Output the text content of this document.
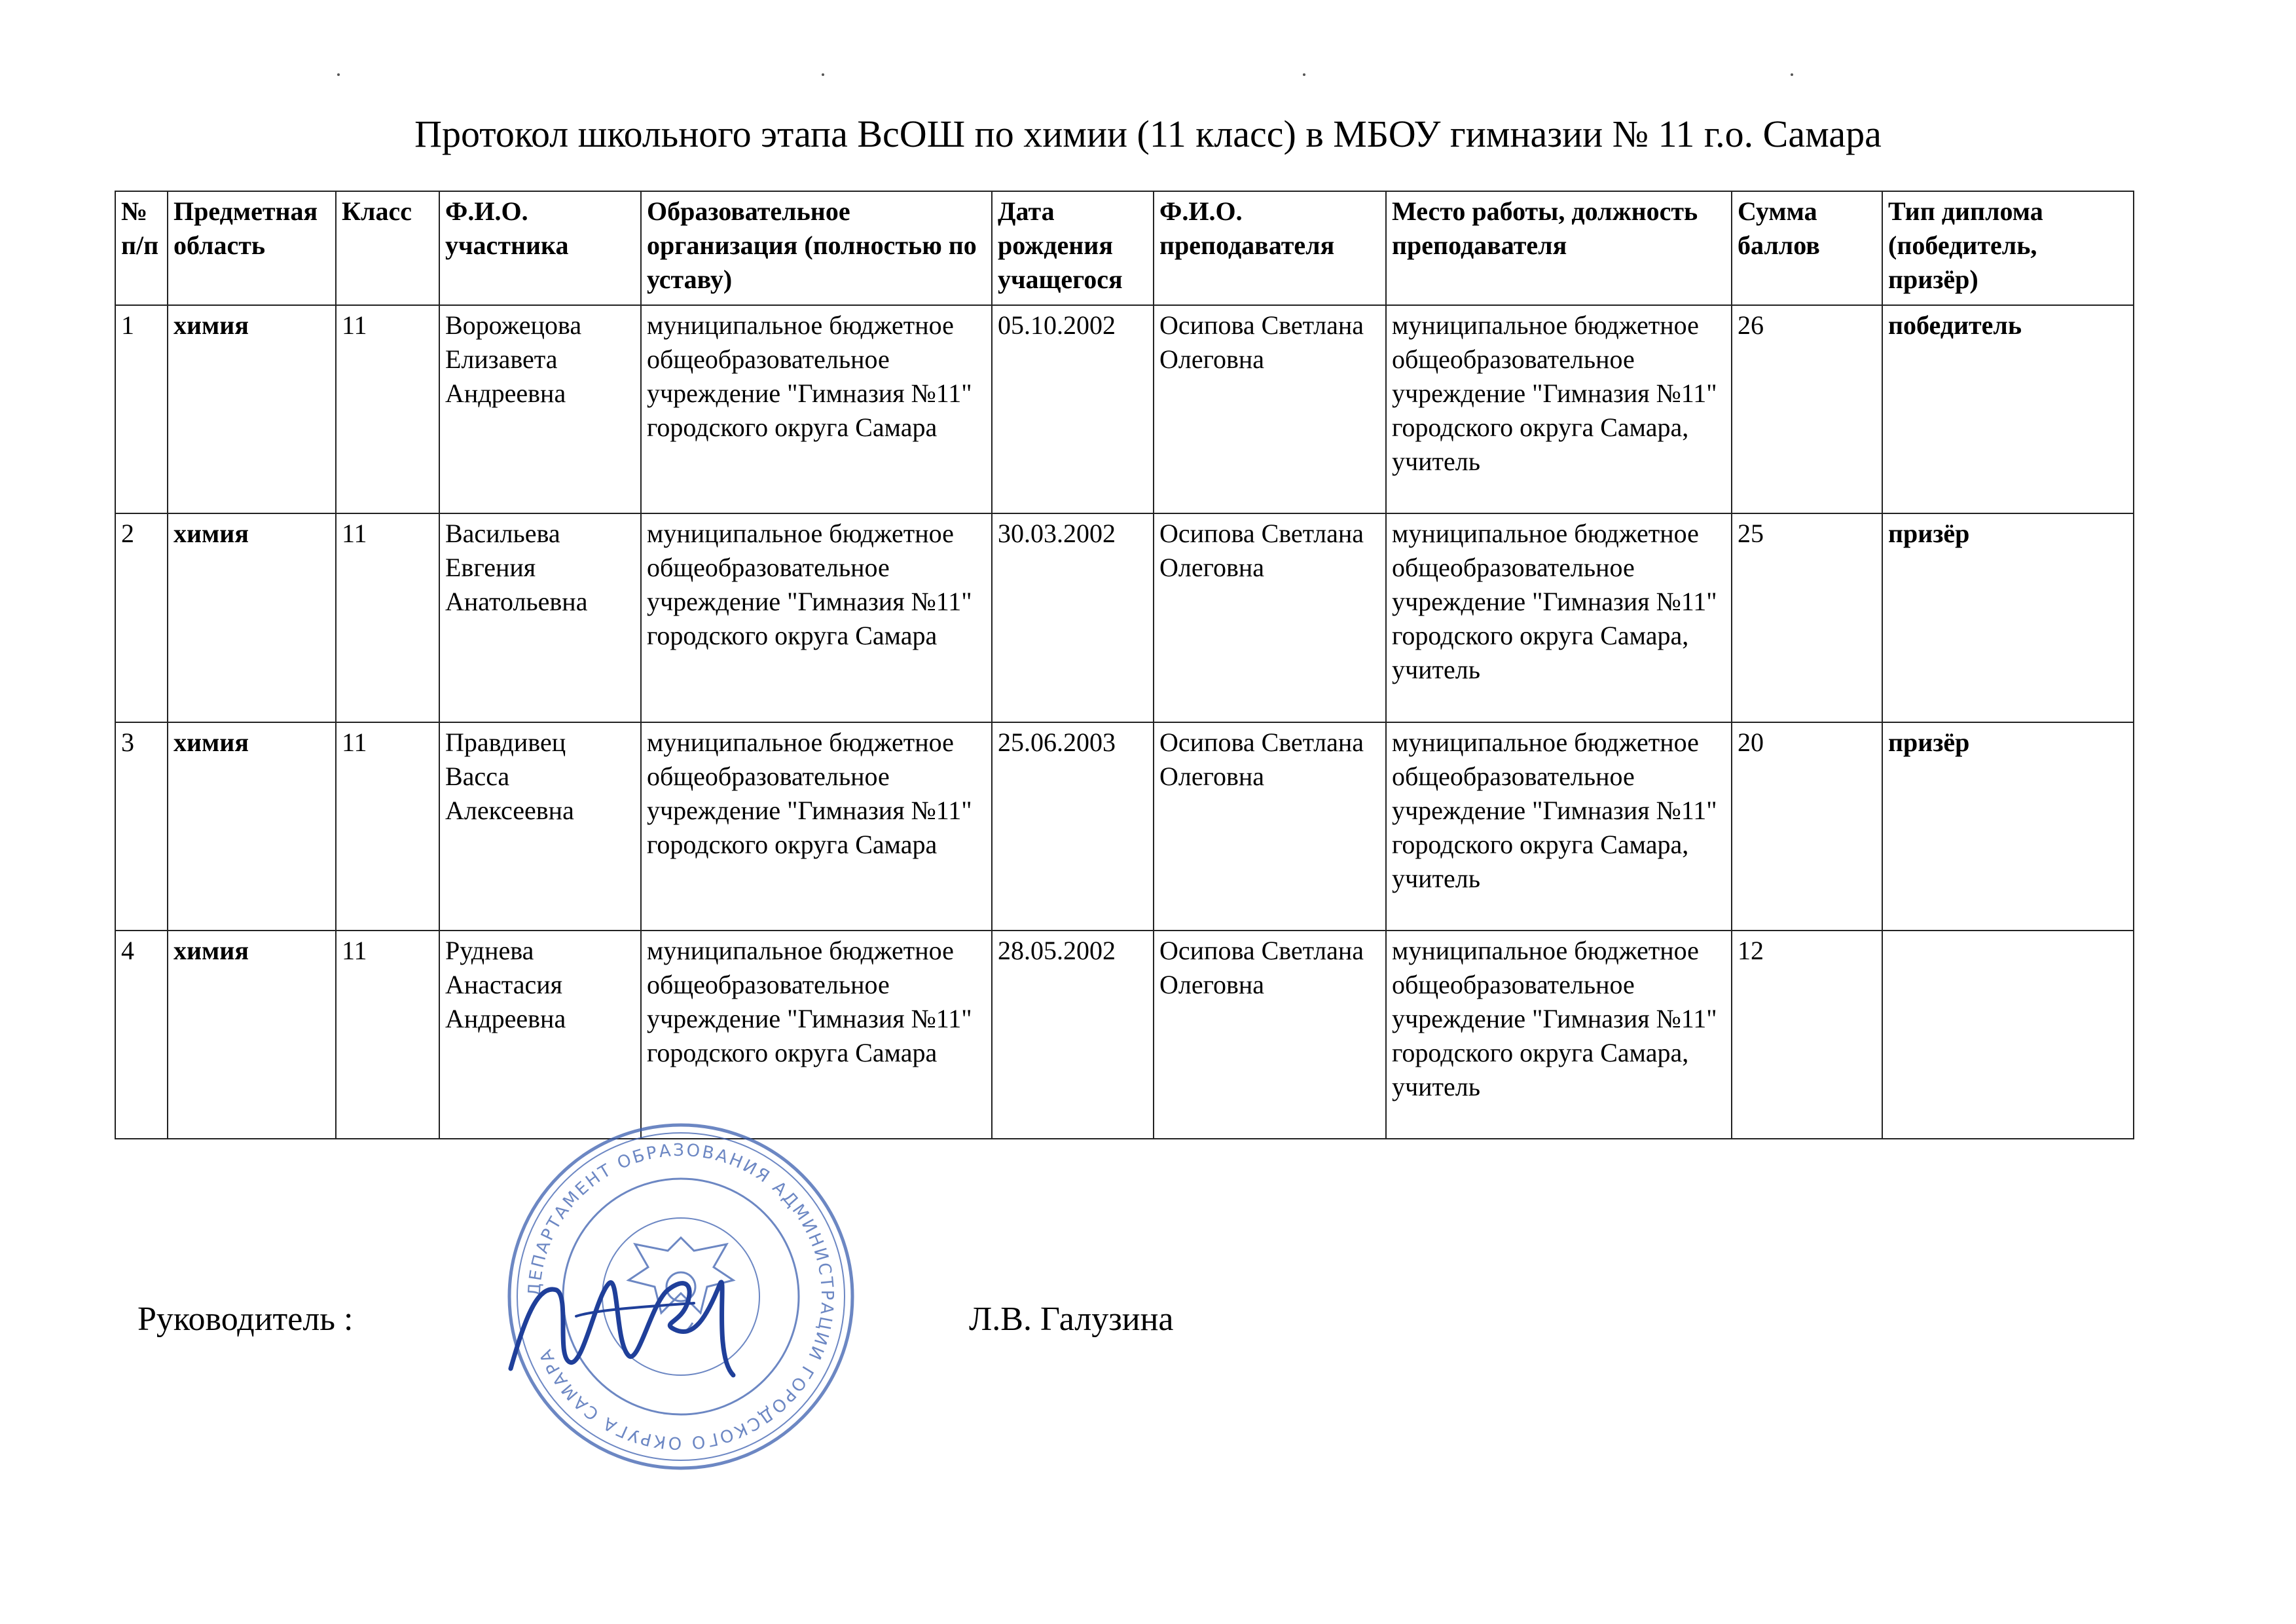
Протокол школьного этапа ВсОШ по химии (11 класс) в МБОУ гимназии № 11 г.о. Самара
№ п/п	Предметная область	Класс	Ф.И.О. участника	Образовательное организация (полностью по уставу)	Дата рождения учащегося	Ф.И.О. преподавателя	Место работы, должность преподавателя	Сумма баллов	Тип диплома (победитель, призёр)
1	химия	11	Ворожецова Елизавета Андреевна	муниципальное бюджетное общеобразовательное учреждение "Гимназия №11" городского округа Самара	05.10.2002	Осипова Светлана Олеговна	муниципальное бюджетное общеобразовательное учреждение "Гимназия №11" городского округа Самара, учитель	26	победитель
2	химия	11	Васильева Евгения Анатольевна	муниципальное бюджетное общеобразовательное учреждение "Гимназия №11" городского округа Самара	30.03.2002	Осипова Светлана Олеговна	муниципальное бюджетное общеобразовательное учреждение "Гимназия №11" городского округа Самара, учитель	25	призёр
3	химия	11	Правдивец Васса Алексеевна	муниципальное бюджетное общеобразовательное учреждение "Гимназия №11" городского округа Самара	25.06.2003	Осипова Светлана Олеговна	муниципальное бюджетное общеобразовательное учреждение "Гимназия №11" городского округа Самара, учитель	20	призёр
4	химия	11	Руднева Анастасия Андреевна	муниципальное бюджетное общеобразовательное учреждение "Гимназия №11" городского округа Самара	28.05.2002	Осипова Светлана Олеговна	муниципальное бюджетное общеобразовательное учреждение "Гимназия №11" городского округа Самара, учитель	12	
ДЕПАРТАМЕНТ ОБРАЗОВАНИЯ АДМИНИСТРАЦИИ ГОРОДСКОГО ОКРУГА САМАРА
Руководитель :	Л.В. Галузина
